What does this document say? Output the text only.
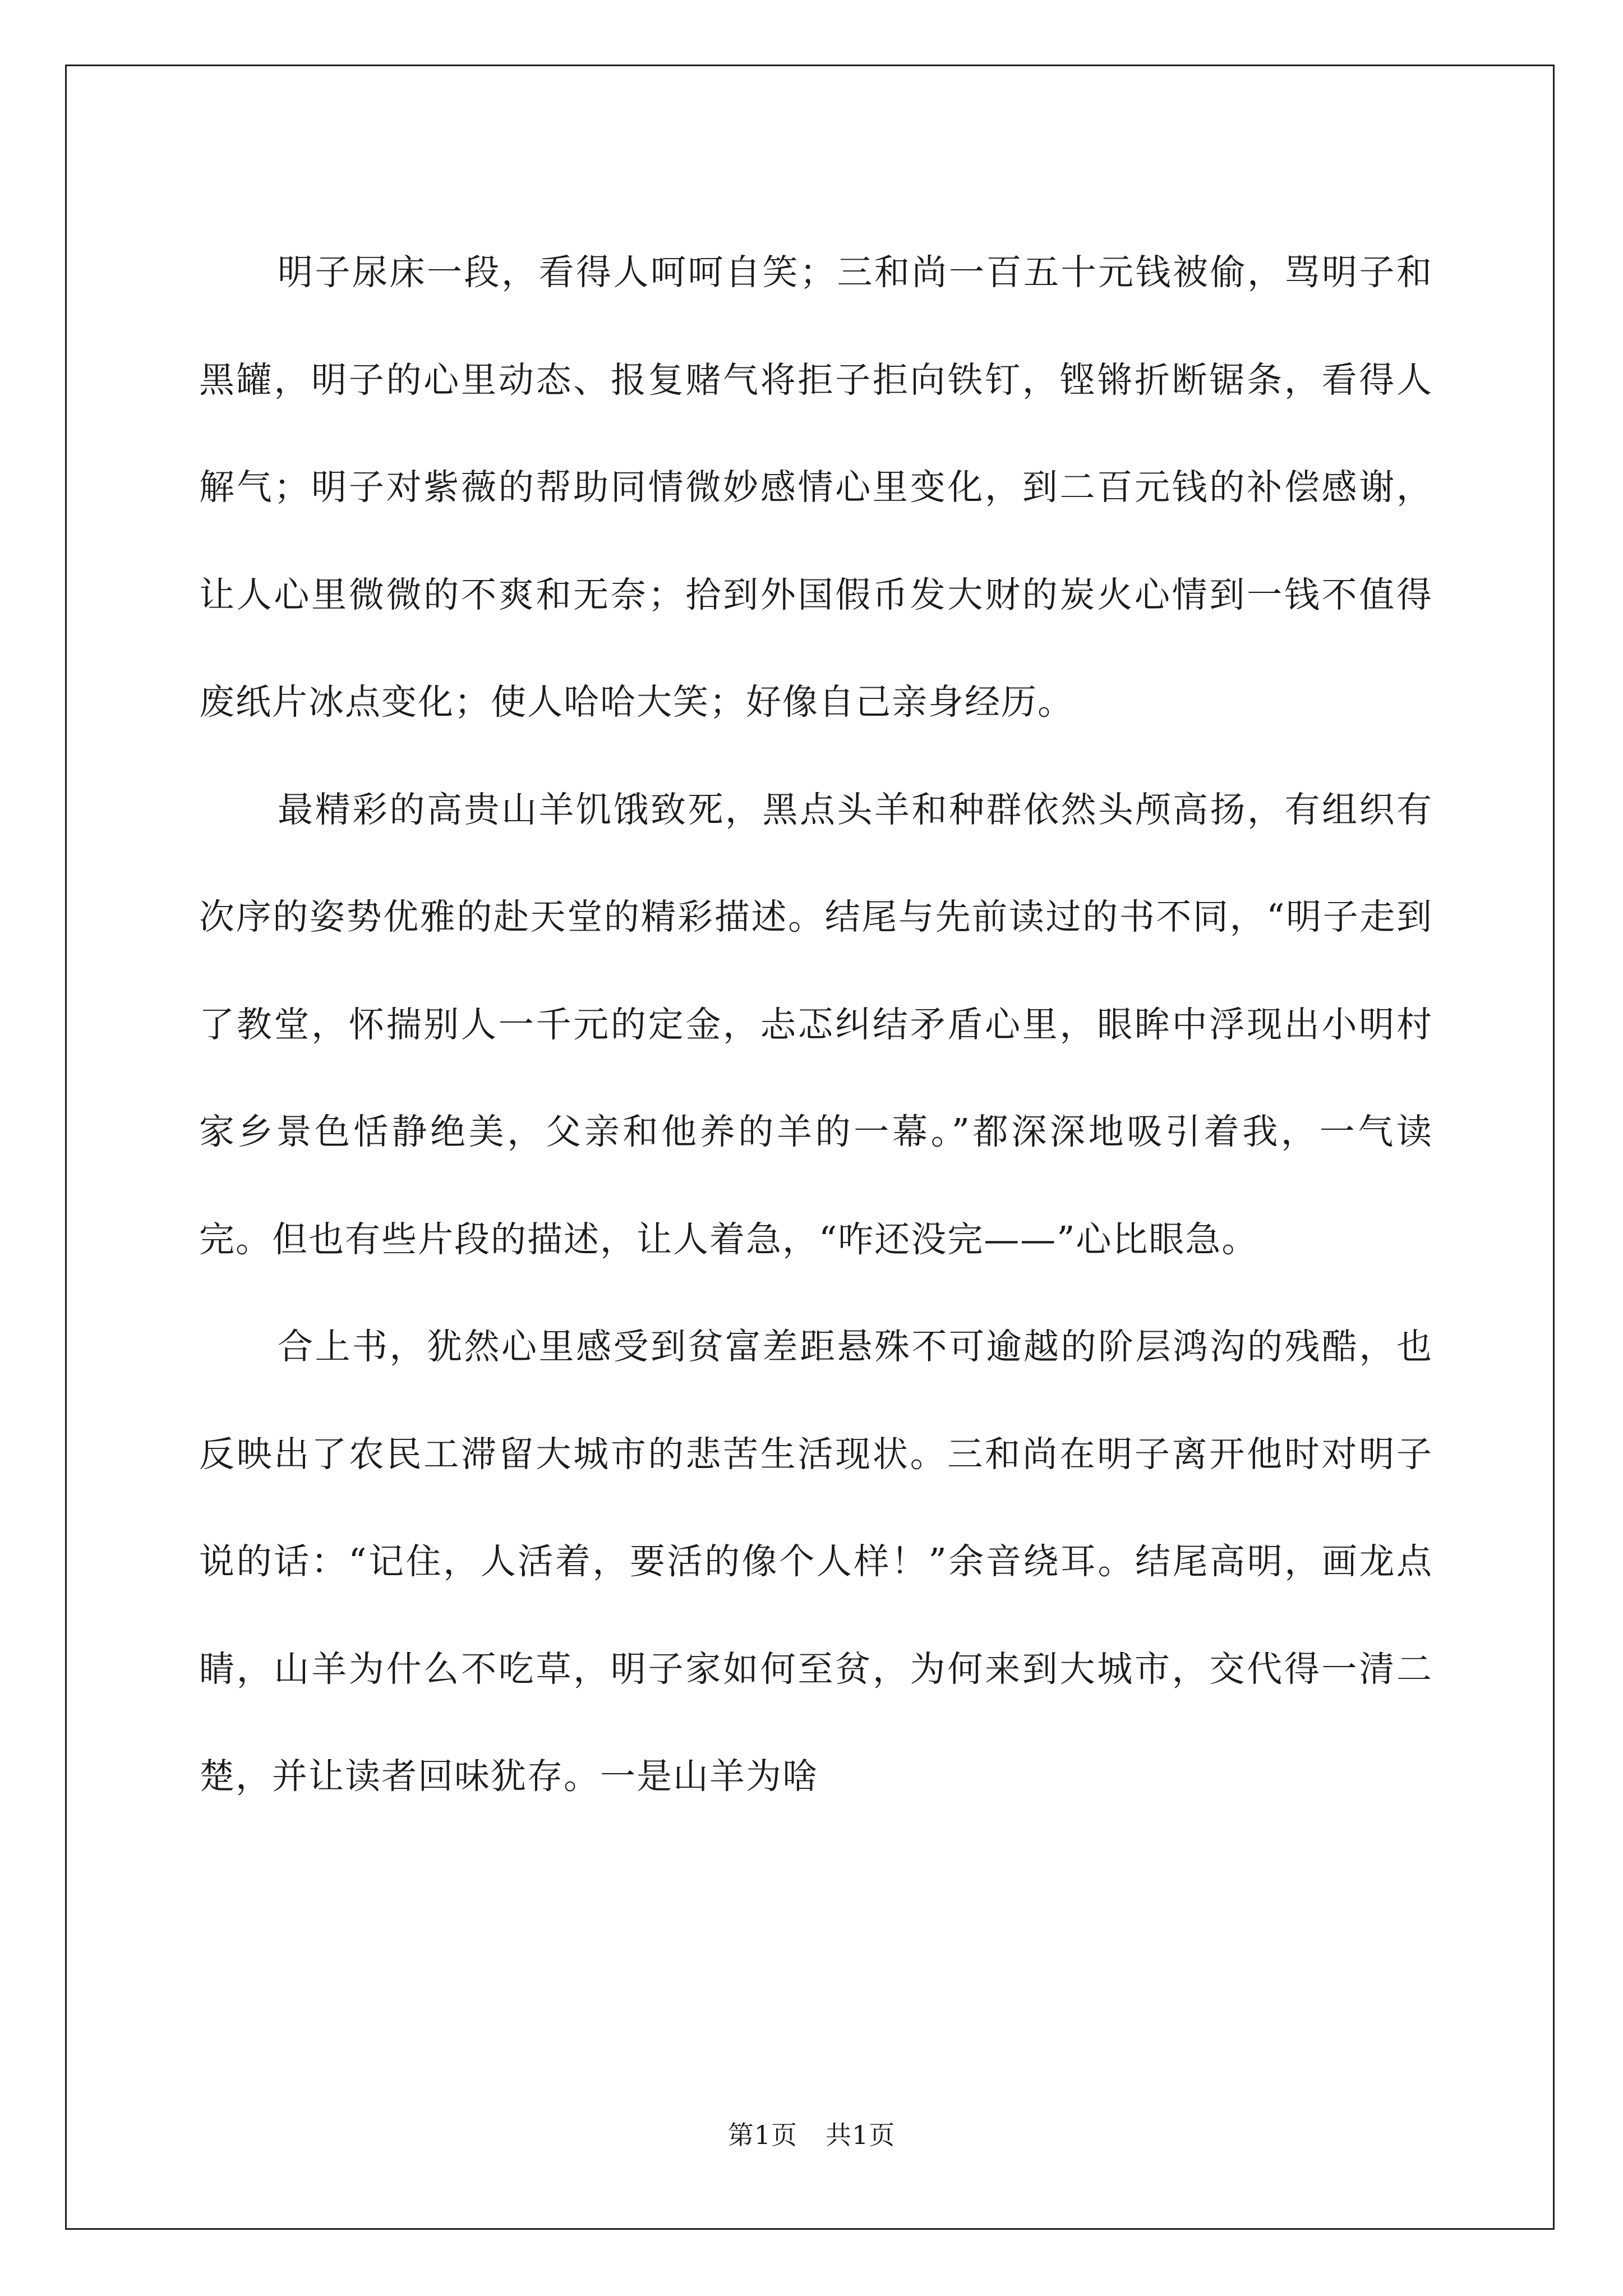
明子尿床一段，看得人呵呵自笑；三和尚一百五十元钱被偷，骂明子和黑罐，明子的心里动态、报复赌气将拒子拒向铁钉，铿锵折断锯条，看得人解气；明子对紫薇的帮助同情微妙感情心里变化，到二百元钱的补偿感谢，让人心里微微的不爽和无奈；拾到外国假币发大财的炭火心情到一钱不值得废纸片冰点变化；使人哈哈大笑；好像自己亲身经历。

最精彩的高贵山羊饥饿致死，黑点头羊和种群依然头颅高扬，有组织有次序的姿势优雅的赴天堂的精彩描述。结尾与先前读过的书不同，“明子走到了教堂，怀揣别人一千元的定金，忐忑纠结矛盾心里，眼眸中浮现出小明村家乡景色恬静绝美，父亲和他养的羊的一幕。”都深深地吸引着我，一气读完。但也有些片段的描述，让人着急，“咋还没完——”心比眼急。

合上书，犹然心里感受到贫富差距悬殊不可逾越的阶层鸿沟的残酷，也反映出了农民工滞留大城市的悲苦生活现状。三和尚在明子离开他时对明子说的话：“记住，人活着，要活的像个人样！”余音绕耳。结尾高明，画龙点睛，山羊为什么不吃草，明子家如何至贫，为何来到大城市，交代得一清二楚，并让读者回味犹存。一是山羊为啥

第1页 共1页
